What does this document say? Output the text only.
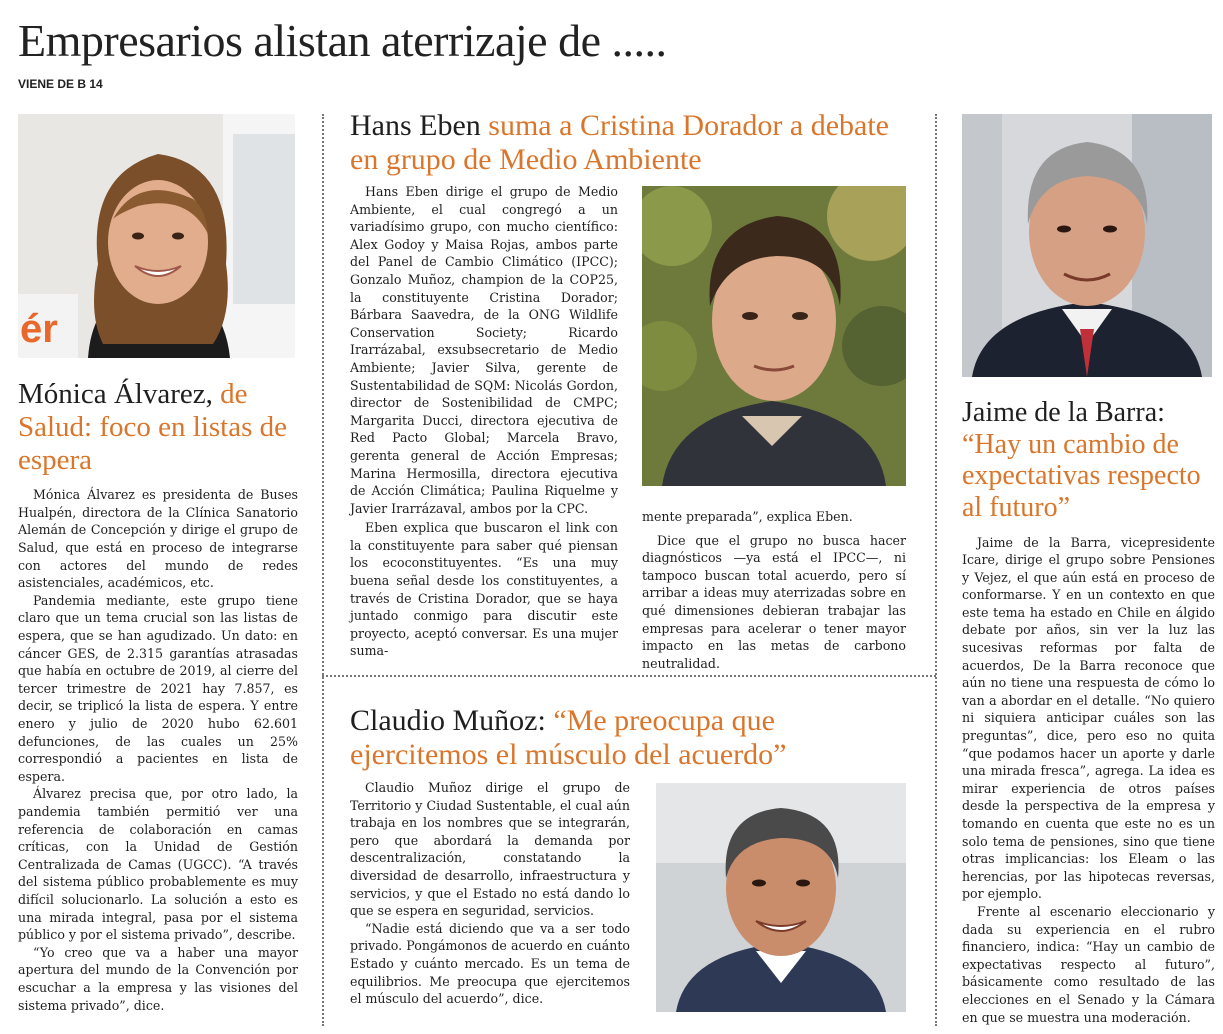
Empresarios alistan aterrizaje de .....
VIENE DE B 14
ér
Mónica Álvarez, de Salud: foco en listas de espera

Mónica Álvarez es presidenta de Buses Hualpén, directora de la Clínica Sanatorio Alemán de Concepción y dirige el grupo de Salud, que está en proceso de integrarse con actores del mundo de redes asistenciales, académicos, etc.

Pandemia mediante, este grupo tiene claro que un tema crucial son las listas de espera, que se han agudizado. Un dato: en cáncer GES, de 2.315 garantías atrasadas que había en octubre de 2019, al cierre del tercer trimestre de 2021 hay 7.857, es decir, se triplicó la lista de espera. Y entre enero y julio de 2020 hubo 62.601 defunciones, de las cuales un 25% correspondió a pacientes en lista de espera.

Álvarez precisa que, por otro lado, la pandemia también permitió ver una referencia de colaboración en camas críticas, con la Unidad de Gestión Centralizada de Camas (UGCC). “A través del sistema público probablemente es muy difícil solucionarlo. La solución a esto es una mirada integral, pasa por el sistema público y por el sistema privado”, describe.

“Yo creo que va a haber una mayor apertura del mundo de la Convención por escuchar a la empresa y las visiones del sistema privado”, dice.

Hans Eben suma a Cristina Dorador a debate en grupo de Medio Ambiente

Hans Eben dirige el grupo de Medio Ambiente, el cual congregó a un variadísimo grupo, con mucho científico: Alex Godoy y Maisa Rojas, ambos parte del Panel de Cambio Climático (IPCC); Gonzalo Muñoz, champion de la COP25, la constituyente Cristina Dorador; Bárbara Saavedra, de la ONG Wildlife Conservation Society; Ricardo Irarrázabal, exsubsecretario de Medio Ambiente; Javier Silva, gerente de Sustentabilidad de SQM: Nicolás Gordon, director de Sostenibilidad de CMPC; Margarita Ducci, directora ejecutiva de Red Pacto Global; Marcela Bravo, gerenta general de Acción Empresas; Marina Hermosilla, directora ejecutiva de Acción Climática; Paulina Riquelme y Javier Irarrázaval, ambos por la CPC.

Eben explica que buscaron el link con la constituyente para saber qué piensan los ecoconstituyentes. “Es una muy buena señal desde los constituyentes, a través de Cristina Dorador, que se haya juntado conmigo para discutir este proyecto, aceptó conversar. Es una mujer suma-

mente preparada”, explica Eben.

Dice que el grupo no busca hacer diagnósticos —ya está el IPCC—, ni tampoco buscan total acuerdo, pero sí arribar a ideas muy aterrizadas sobre en qué dimensiones debieran trabajar las empresas para acelerar o tener mayor impacto en las metas de carbono neutralidad.

Claudio Muñoz: “Me preocupa que ejercitemos el músculo del acuerdo”

Claudio Muñoz dirige el grupo de Territorio y Ciudad Sustentable, el cual aún trabaja en los nombres que se integrarán, pero que abordará la demanda por descentralización, constatando la diversidad de desarrollo, infraestructura y servicios, y que el Estado no está dando lo que se espera en seguridad, servicios.

“Nadie está diciendo que va a ser todo privado. Pongámonos de acuerdo en cuánto Estado y cuánto mercado. Es un tema de equilibrios. Me preocupa que ejercitemos el músculo del acuerdo”, dice.

Jaime de la Barra: “Hay un cambio de expectativas respecto al futuro”

Jaime de la Barra, vicepresidente Icare, dirige el grupo sobre Pensiones y Vejez, el que aún está en proceso de conformarse. Y en un contexto en que este tema ha estado en Chile en álgido debate por años, sin ver la luz las sucesivas reformas por falta de acuerdos, De la Barra reconoce que aún no tiene una respuesta de cómo lo van a abordar en el detalle. “No quiero ni siquiera anticipar cuáles son las preguntas”, dice, pero eso no quita “que podamos hacer un aporte y darle una mirada fresca”, agrega. La idea es mirar experiencia de otros países desde la perspectiva de la empresa y tomando en cuenta que este no es un solo tema de pensiones, sino que tiene otras implicancias: los Eleam o las herencias, por las hipotecas reversas, por ejemplo.

Frente al escenario eleccionario y dada su experiencia en el rubro financiero, indica: “Hay un cambio de expectativas respecto al futuro”, básicamente como resultado de las elecciones en el Senado y la Cámara en que se muestra una moderación.
